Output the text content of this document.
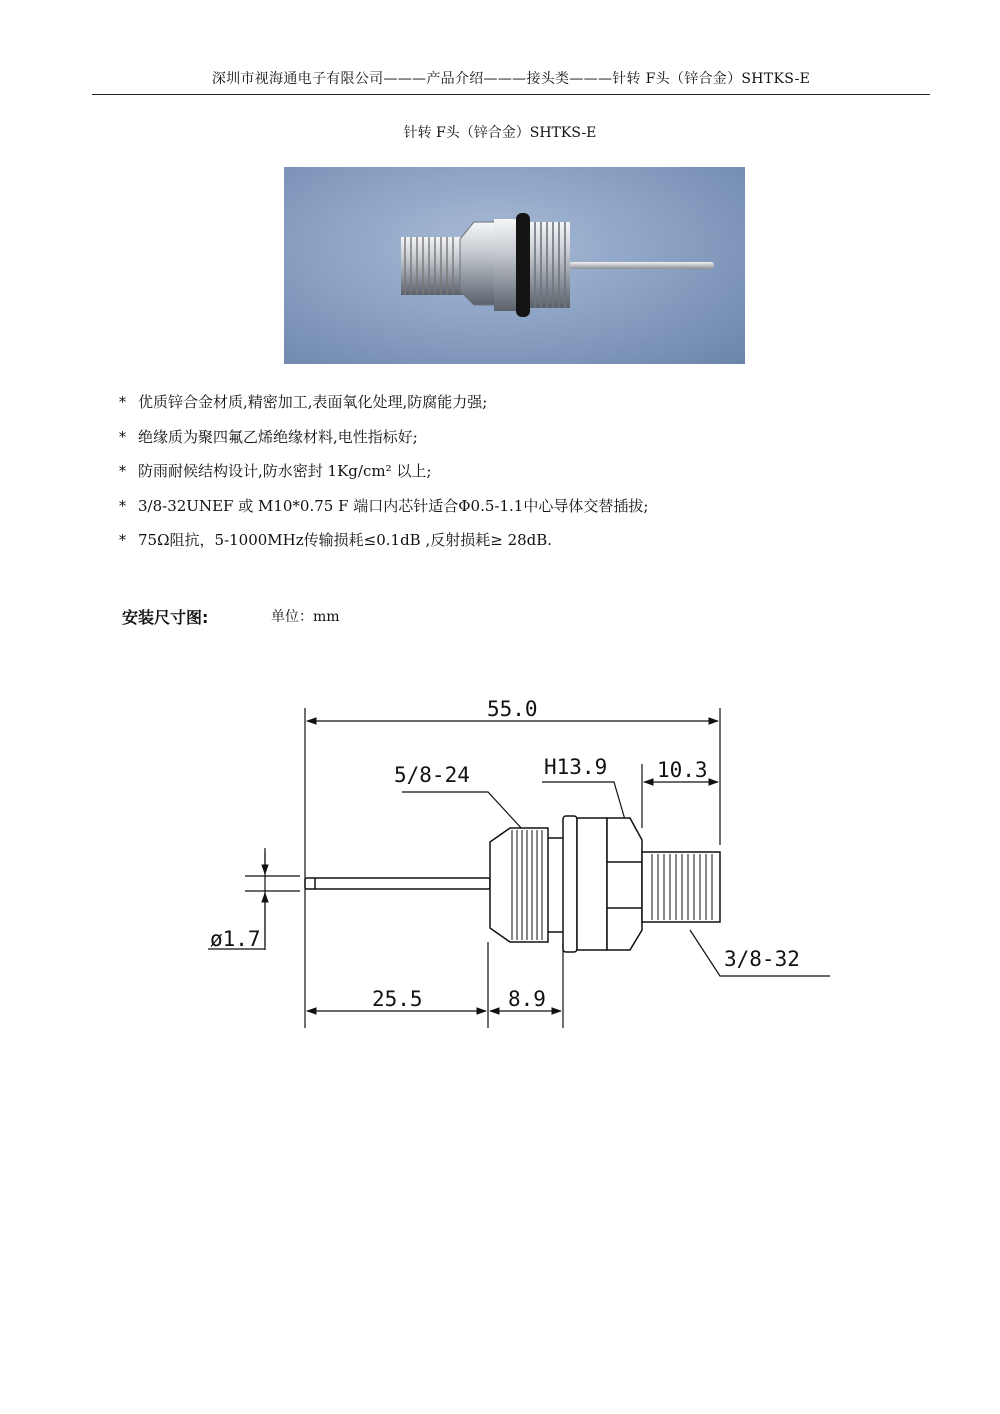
深圳市视海通电子有限公司———产品介绍———接头类———针转 F头（锌合金）SHTKS-E
针转 F头（锌合金）SHTKS-E
* 优质锌合金材质,精密加工,表面氧化处理,防腐能力强;
* 绝缘质为聚四氟乙烯绝缘材料,电性指标好;
* 防雨耐候结构设计,防水密封 1Kg/cm² 以上;
* 3/8-32UNEF 或 M10*0.75 F 端口内芯针适合Φ0.5-1.1中心导体交替插拔;
* 75Ω阻抗，5-1000MHz传输损耗≤0.1dB ,反射损耗≥ 28dB.
安装尺寸图:	单位：mm
55.0
5/8-24	H13.9 10.3
ø1.7
25.5	8.9
3/8-32
